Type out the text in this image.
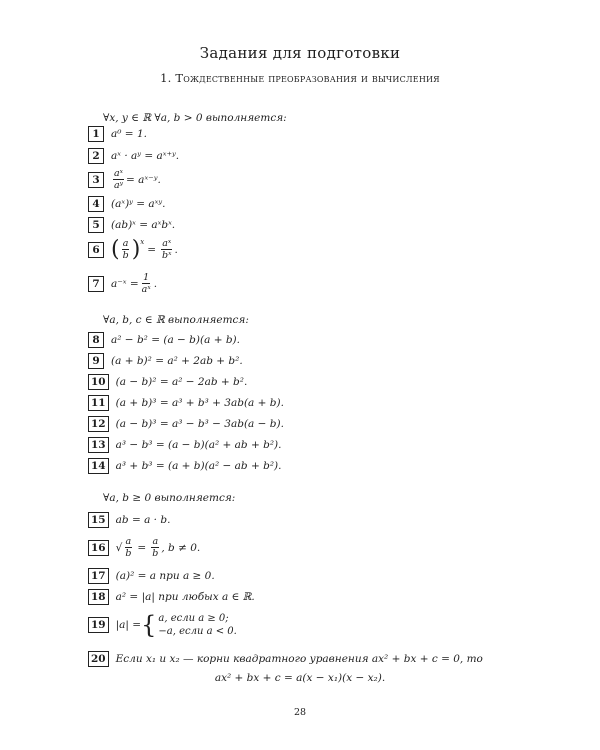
Задания для подготовки
1. Тождественные преобразования и вычисления
∀x, y ∈ ℝ ∀a, b > 0 выполняется:
1	a⁰ = 1.
2	aˣ · aʸ = aˣ⁺ʸ.
3	$\frac{\text{aˣ}}{\text{aʸ}}$ = aˣ⁻ʸ.
4	(aˣ)ʸ = aˣʸ.
5	(ab)ˣ = aˣbˣ.
6 ( $\frac{a}{b} )^x$
= $\frac{\text{aˣ}}{\text{bˣ}}$ .
7	a⁻ˣ = $\frac{1}{\text{aˣ}}$ .
∀a, b, c ∈ ℝ выполняется:
8	a² − b² = (a − b)(a + b).
9	(a + b)² = a² + 2ab + b².
10 (a − b)² = a² − 2ab + b².
11 (a + b)³ = a³ + b³ + 3ab(a + b).
12 (a − b)³ = a³ − b³ − 3ab(a − b).
13 a³ − b³ = (a − b)(a² + ab + b²).
14 a³ + b³ = (a + b)(a² − ab + b²).
∀a, b ≥ 0 выполняется:
15 ab = a · b.
16 √ $\frac{a}{b} = \frac{a}{b}$ , b ≠ 0.
17 (a)² = a при a ≥ 0.
18 a² = |a| при любых a ∈ ℝ.
19 |a| = { a, если a ≥ 0;
−a, если a < 0.
20 Если x₁ и x₂ — корни квадратного уравнения ax² + bx + c = 0, то
ax² + bx + c = a(x − x₁)(x − x₂).
28
